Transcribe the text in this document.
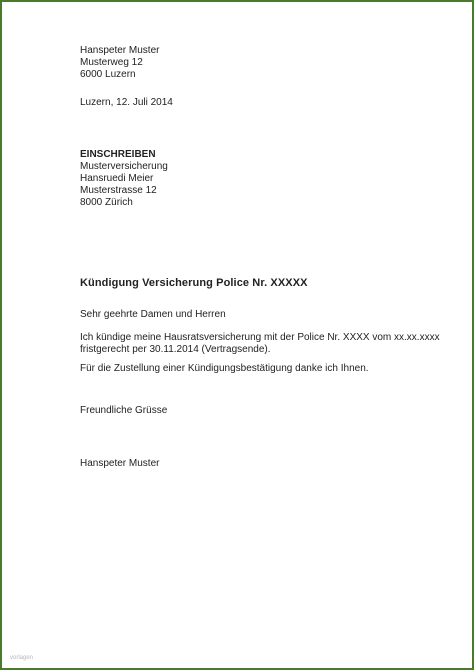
Hanspeter Muster
Musterweg 12
6000 Luzern
Luzern, 12. Juli 2014
EINSCHREIBEN
Musterversicherung
Hansruedi Meier
Musterstrasse 12
8000 Zürich
Kündigung Versicherung Police Nr. XXXXX
Sehr geehrte Damen und Herren
Ich kündige meine Hausratsversicherung mit der Police Nr. XXXX vom xx.xx.xxxx
fristgerecht per 30.11.2014 (Vertragsende).
Für die Zustellung einer Kündigungsbestätigung danke ich Ihnen.
Freundliche Grüsse
Hanspeter Muster
vorlagen
